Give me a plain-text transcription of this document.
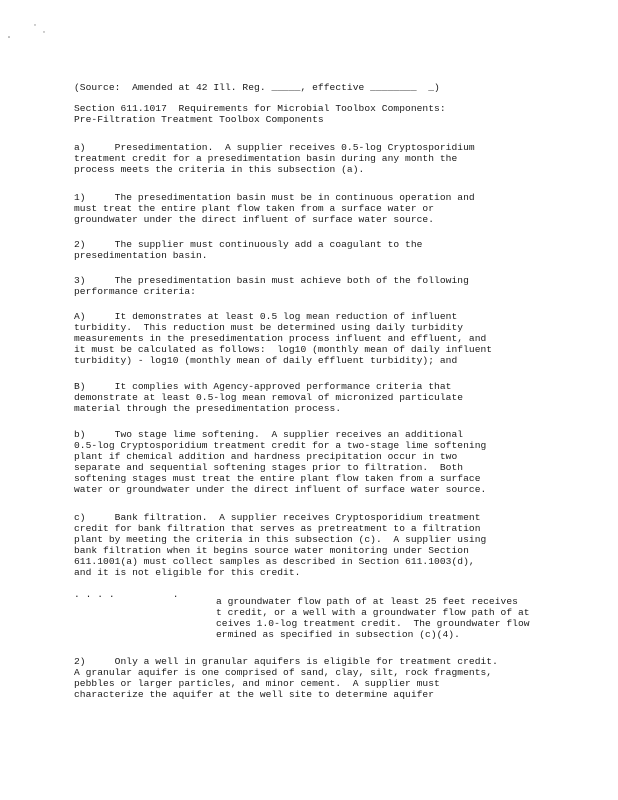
(Source:  Amended at 42 Ill. Reg. _____, effective ________  _)
Section 611.1017  Requirements for Microbial Toolbox Components:
Pre-Filtration Treatment Toolbox Components
a)     Presedimentation.  A supplier receives 0.5-log Cryptosporidium
treatment credit for a presedimentation basin during any month the
process meets the criteria in this subsection (a).
1)     The presedimentation basin must be in continuous operation and
must treat the entire plant flow taken from a surface water or
groundwater under the direct influent of surface water source.
2)     The supplier must continuously add a coagulant to the
presedimentation basin.
3)     The presedimentation basin must achieve both of the following
performance criteria:
A)     It demonstrates at least 0.5 log mean reduction of influent
turbidity.  This reduction must be determined using daily turbidity
measurements in the presedimentation process influent and effluent, and
it must be calculated as follows:  log10 (monthly mean of daily influent
turbidity) - log10 (monthly mean of daily effluent turbidity); and
B)     It complies with Agency-approved performance criteria that
demonstrate at least 0.5-log mean removal of micronized particulate
material through the presedimentation process.
b)     Two stage lime softening.  A supplier receives an additional
0.5-log Cryptosporidium treatment credit for a two-stage lime softening
plant if chemical addition and hardness precipitation occur in two
separate and sequential softening stages prior to filtration.  Both
softening stages must treat the entire plant flow taken from a surface
water or groundwater under the direct influent of surface water source.
c)     Bank filtration.  A supplier receives Cryptosporidium treatment
credit for bank filtration that serves as pretreatment to a filtration
plant by meeting the criteria in this subsection (c).  A supplier using
bank filtration when it begins source water monitoring under Section
611.1001(a) must collect samples as described in Section 611.1003(d),
and it is not eligible for this credit.
. . . .          .
a groundwater flow path of at least 25 feet receives
t credit, or a well with a groundwater flow path of at
ceives 1.0-log treatment credit.  The groundwater flow
ermined as specified in subsection (c)(4).
2)     Only a well in granular aquifers is eligible for treatment credit.
A granular aquifer is one comprised of sand, clay, silt, rock fragments,
pebbles or larger particles, and minor cement.  A supplier must
characterize the aquifer at the well site to determine aquifer
